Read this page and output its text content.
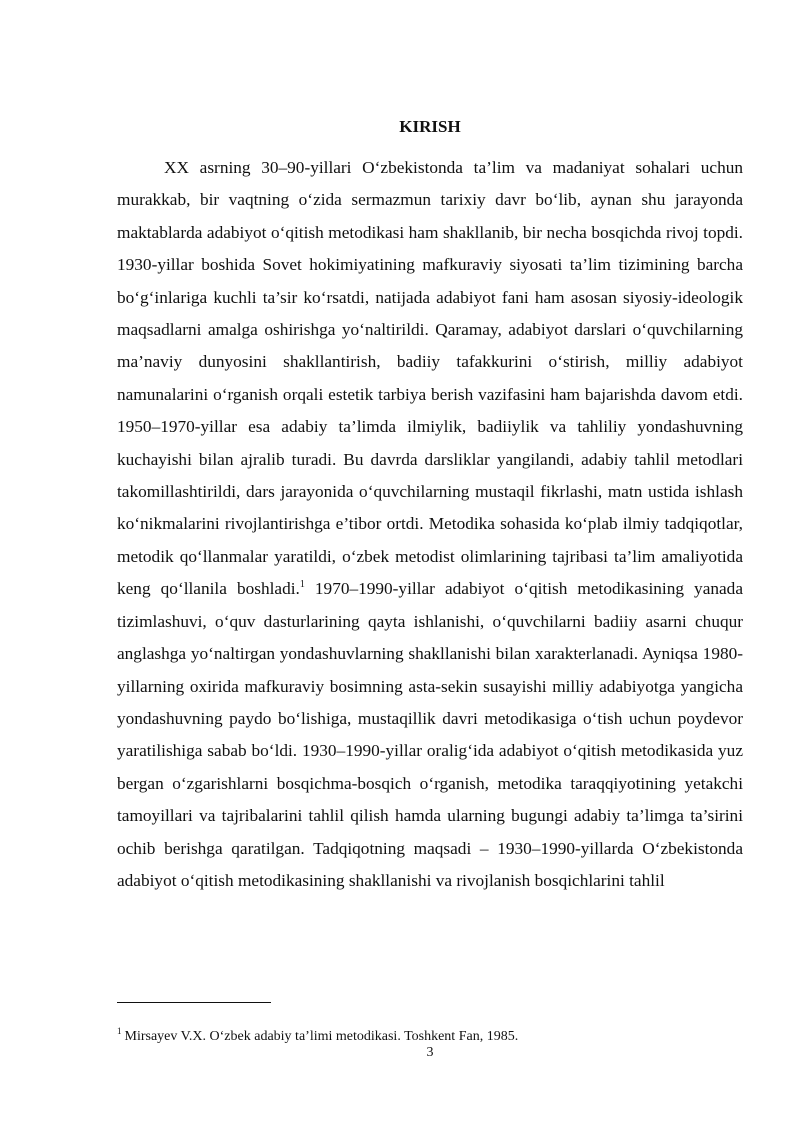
KIRISH

XX asrning 30–90-yillari O‘zbekistonda ta’lim va madaniyat sohalari uchun murakkab, bir vaqtning o‘zida sermazmun tarixiy davr bo‘lib, aynan shu jarayonda maktablarda adabiyot o‘qitish metodikasi ham shakllanib, bir necha bosqichda rivoj topdi. 1930-yillar boshida Sovet hokimiyatining mafkuraviy siyosati ta’lim tizimining barcha bo‘g‘inlariga kuchli ta’sir ko‘rsatdi, natijada adabiyot fani ham asosan siyosiy-ideologik maqsadlarni amalga oshirishga yo‘naltirildi. Qaramay, adabiyot darslari o‘quvchilarning ma’naviy dunyosini shakllantirish, badiiy tafakkurini o‘stirish, milliy adabiyot namunalarini o‘rganish orqali estetik tarbiya berish vazifasini ham bajarishda davom etdi. 1950–1970-yillar esa adabiy ta’limda ilmiylik, badiiylik va tahliliy yondashuvning kuchayishi bilan ajralib turadi. Bu davrda darsliklar yangilandi, adabiy tahlil metodlari takomillashtirildi, dars jarayonida o‘quvchilarning mustaqil fikrlashi, matn ustida ishlash ko‘nikmalarini rivojlantirishga e’tibor ortdi. Metodika sohasida ko‘plab ilmiy tadqiqotlar, metodik qo‘llanmalar yaratildi, o‘zbek metodist olimlarining tajribasi ta’lim amaliyotida keng qo‘llanila boshladi.$^1$ 1970–1990-yillar adabiyot o‘qitish metodikasining yanada tizimlashuvi, o‘quv dasturlarining qayta ishlanishi, o‘quvchilarni badiiy asarni chuqur anglashga yo‘naltirgan yondashuvlarning shakllanishi bilan xarakterlanadi. Ayniqsa 1980-yillarning oxirida mafkuraviy bosimning asta-sekin susayishi milliy adabiyotga yangicha yondashuvning paydo bo‘lishiga, mustaqillik davri metodikasiga o‘tish uchun poydevor yaratilishiga sabab bo‘ldi. 1930–1990-yillar oralig‘ida adabiyot o‘qitish metodikasida yuz bergan o‘zgarishlarni bosqichma-bosqich o‘rganish, metodika taraqqiyotining yetakchi tamoyillari va tajribalarini tahlil qilish hamda ularning bugungi adabiy ta’limga ta’sirini ochib berishga qaratilgan. Tadqiqotning maqsadi – 1930–1990-yillarda O‘zbekistonda adabiyot o‘qitish metodikasining shakllanishi va rivojlanish bosqichlarini tahlil

$^1$ Mirsayev V.X. O‘zbek adabiy ta’limi metodikasi. Toshkent Fan, 1985.
3
